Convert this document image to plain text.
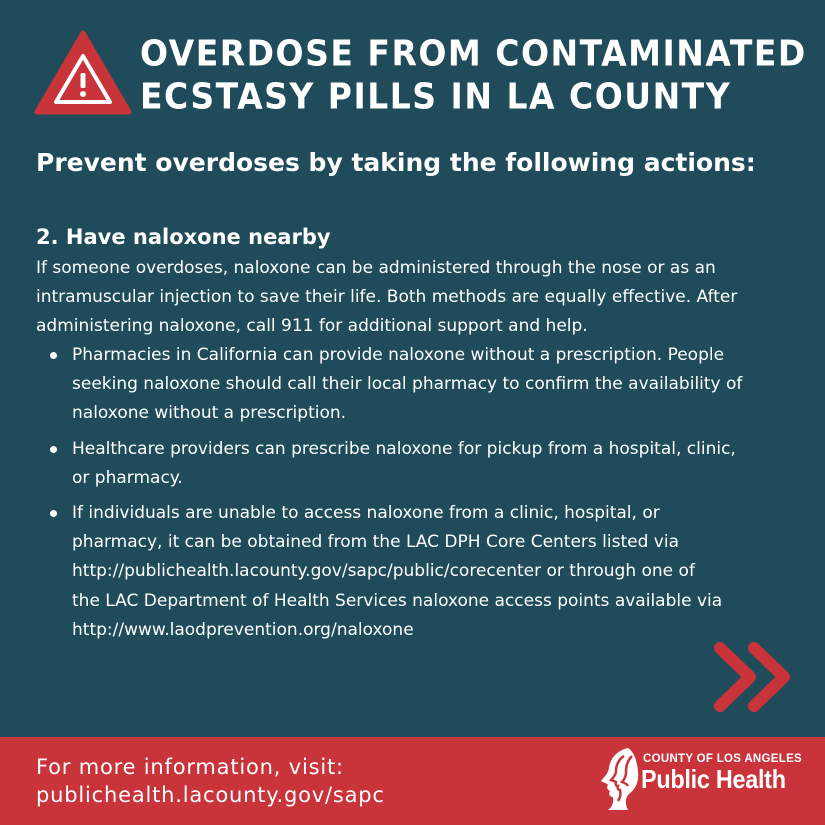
OVERDOSE FROM CONTAMINATED
ECSTASY PILLS IN LA COUNTY

Prevent overdoses by taking the following actions:

2. Have naloxone nearby

If someone overdoses, naloxone can be administered through the nose or as an
intramuscular injection to save their life. Both methods are equally effective. After
administering naloxone, call 911 for additional support and help.

Pharmacies in California can provide naloxone without a prescription. People
seeking naloxone should call their local pharmacy to confirm the availability of
naloxone without a prescription.
Healthcare providers can prescribe naloxone for pickup from a hospital, clinic,
or pharmacy.
If individuals are unable to access naloxone from a clinic, hospital, or
pharmacy, it can be obtained from the LAC DPH Core Centers listed via
http://publichealth.lacounty.gov/sapc/public/corecenter or through one of
the LAC Department of Health Services naloxone access points available via
http://www.laodprevention.org/naloxone

For more information, visit:
publichealth.lacounty.gov/sapc

COUNTY OF LOS ANGELES
Public Health
